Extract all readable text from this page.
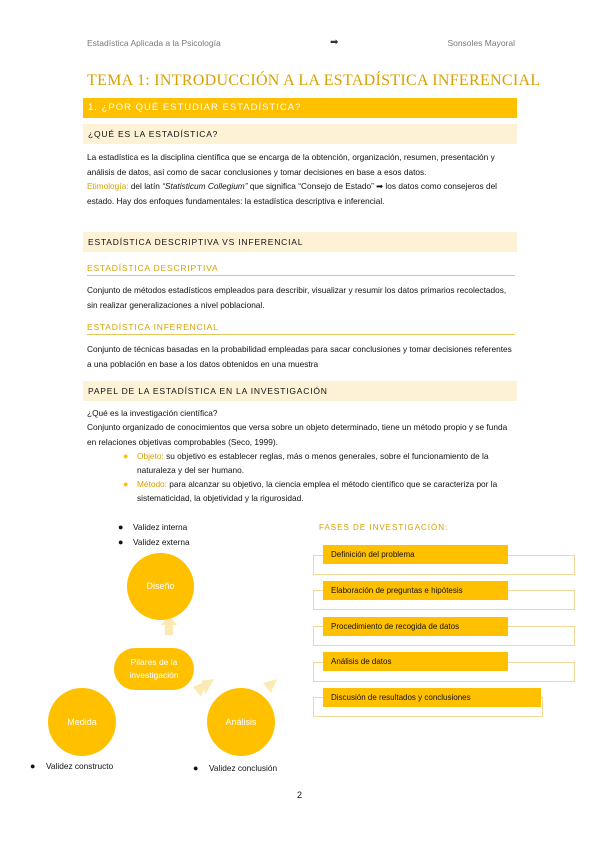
Estadística Aplicada a la Psicología	➡	Sonsoles Mayoral
TEMA 1: INTRODUCCIÓN A LA ESTADÍSTICA INFERENCIAL
1. ¿POR QUÉ ESTUDIAR ESTADÍSTICA?
¿QUÉ ES LA ESTADÍSTICA?
La estadística es la disciplina científica que se encarga de la obtención, organización, resumen, presentación y análisis de datos, así como de sacar conclusiones y tomar decisiones en base a esos datos.
Etimología: del latín “Statisticum Collegium” que significa “Consejo de Estado” ➡ los datos como consejeros del estado. Hay dos enfoques fundamentales: la estadística descriptiva e inferencial.
ESTADÍSTICA DESCRIPTIVA VS INFERENCIAL
ESTADÍSTICA DESCRIPTIVA
Conjunto de métodos estadísticos empleados para describir, visualizar y resumir los datos primarios recolectados, sin realizar generalizaciones a nivel poblacional.
ESTADÍSTICA INFERENCIAL
Conjunto de técnicas basadas en la probabilidad empleadas para sacar conclusiones y tomar decisiones referentes a una población en base a los datos obtenidos en una muestra
PAPEL DE LA ESTADÍSTICA EN LA INVESTIGACIÓN
¿Qué es la investigación científica?
Conjunto organizado de conocimientos que versa sobre un objeto determinado, tiene un método propio y se funda en relaciones objetivas comprobables (Seco, 1999).
● Objeto: su objetivo es establecer reglas, más o menos generales, sobre el funcionamiento de la naturaleza y del ser humano.
● Método: para alcanzar su objetivo, la ciencia emplea el método científico que se caracteriza por la sistematicidad, la objetividad y la rigurosidad.
● Validez interna
● Validez externa
Diseño
Pilares de la investigación
Medida	Análisis
● Validez constructo	● Validez conclusión
FASES DE INVESTIGACIÓN:
Definición del problema
Elaboración de preguntas e hipótesis
Procedimiento de recogida de datos
Análisis de datos
Discusión de resultados y conclusiones
2
